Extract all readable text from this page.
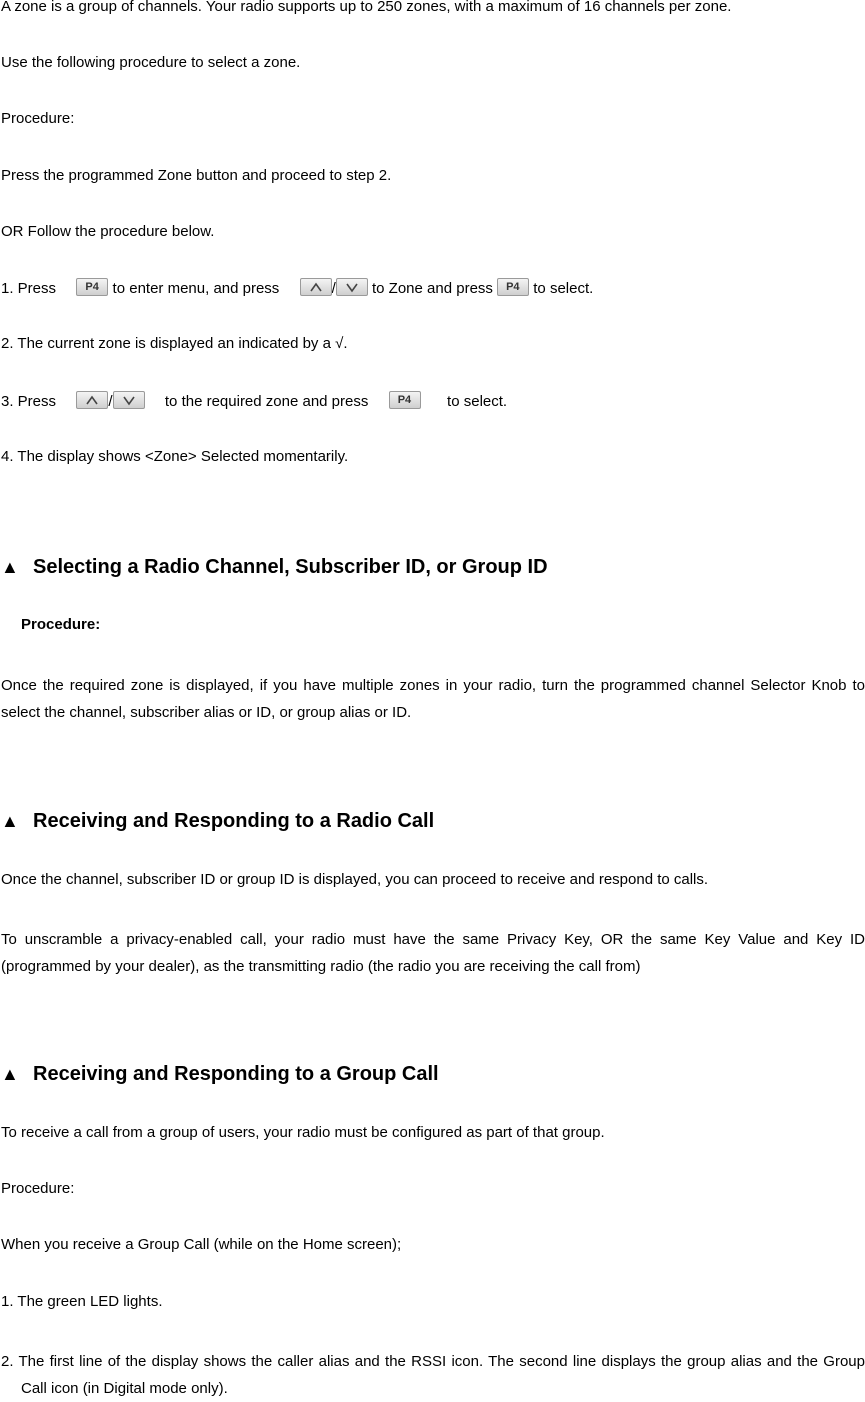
A zone is a group of channels. Your radio supports up to 250 zones, with a maximum of 16 channels per zone.
Use the following procedure to select a zone.
Procedure:
Press the programmed Zone button and proceed to step 2.
OR Follow the procedure below.
1. Press P4	to enter menu, and press	/ to Zone and press P4	to select.
2. The current zone is displayed an indicated by a √.
3. Press	/	to the required zone and press P4	to select.
4. The display shows <Zone> Selected momentarily.
▲ Selecting a Radio Channel, Subscriber ID, or Group ID
Procedure:
Once the required zone is displayed, if you have multiple zones in your radio, turn the programmed channel Selector Knob to select the channel, subscriber alias or ID, or group alias or ID.
▲ Receiving and Responding to a Radio Call
Once the channel, subscriber ID or group ID is displayed, you can proceed to receive and respond to calls.
To unscramble a privacy-enabled call, your radio must have the same Privacy Key, OR the same Key Value and Key ID (programmed by your dealer), as the transmitting radio (the radio you are receiving the call from)
▲ Receiving and Responding to a Group Call
To receive a call from a group of users, your radio must be configured as part of that group.
Procedure:
When you receive a Group Call (while on the Home screen);
1. The green LED lights.
2. The first line of the display shows the caller alias and the RSSI icon. The second line displays the group alias and the Group Call icon (in Digital mode only).
